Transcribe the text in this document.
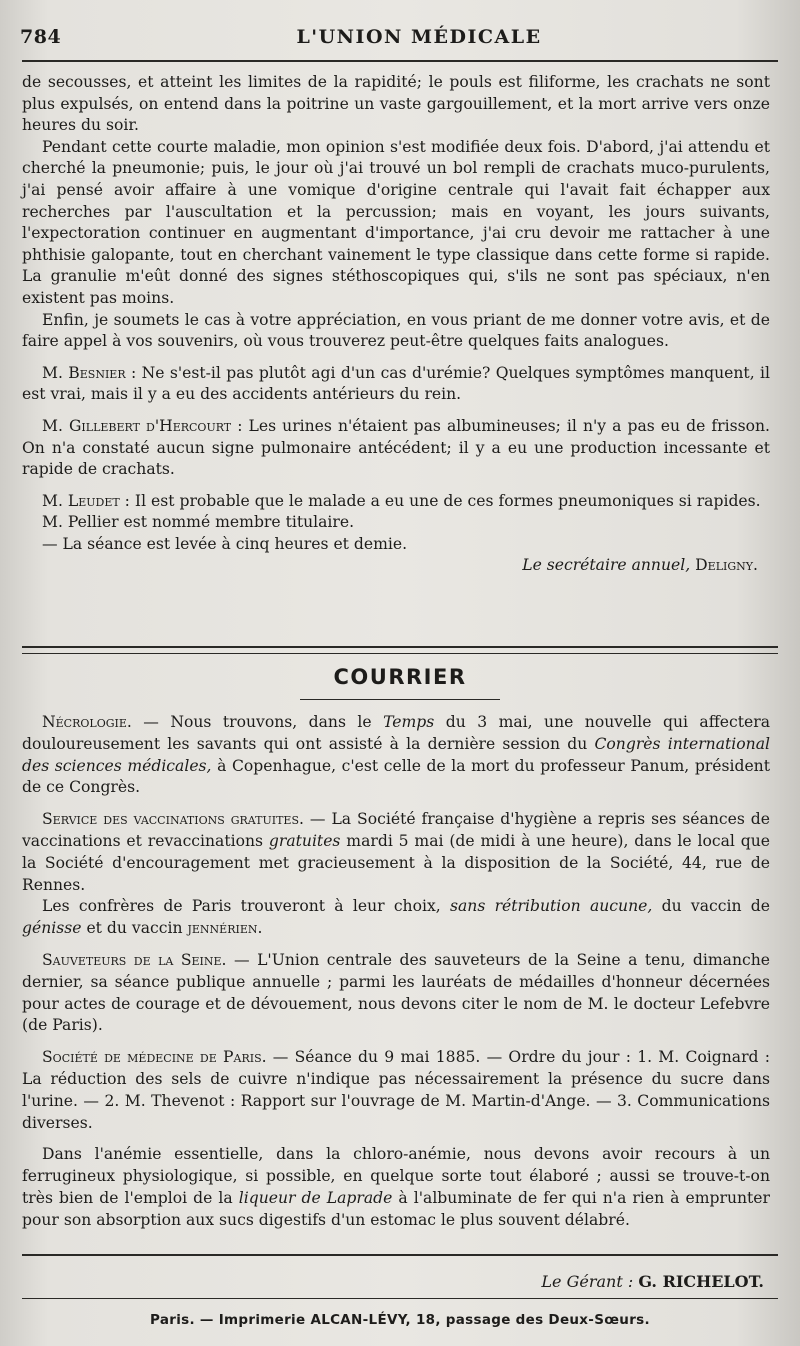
784	L'UNION MÉDICALE

de secousses, et atteint les limites de la rapidité; le pouls est filiforme, les crachats ne sont plus expulsés, on entend dans la poitrine un vaste gargouillement, et la mort arrive vers onze heures du soir.

Pendant cette courte maladie, mon opinion s'est modifiée deux fois. D'abord, j'ai attendu et cherché la pneumonie; puis, le jour où j'ai trouvé un bol rempli de crachats muco-purulents, j'ai pensé avoir affaire à une vomique d'origine centrale qui l'avait fait échapper aux recherches par l'auscultation et la percussion; mais en voyant, les jours suivants, l'expectoration continuer en augmentant d'importance, j'ai cru devoir me rattacher à une phthisie galopante, tout en cherchant vainement le type classique dans cette forme si rapide. La granulie m'eût donné des signes stéthoscopiques qui, s'ils ne sont pas spéciaux, n'en existent pas moins.

Enfin, je soumets le cas à votre appréciation, en vous priant de me donner votre avis, et de faire appel à vos souvenirs, où vous trouverez peut-être quelques faits analogues.

M. Besnier : Ne s'est-il pas plutôt agi d'un cas d'urémie? Quelques symptômes manquent, il est vrai, mais il y a eu des accidents antérieurs du rein.

M. Gillebert d'Hercourt : Les urines n'étaient pas albumineuses; il n'y a pas eu de frisson. On n'a constaté aucun signe pulmonaire antécédent; il y a eu une production incessante et rapide de crachats.

M. Leudet : Il est probable que le malade a eu une de ces formes pneumoniques si rapides.

M. Pellier est nommé membre titulaire.

— La séance est levée à cinq heures et demie.

Le secrétaire annuel, Deligny.

COURRIER

Nécrologie. — Nous trouvons, dans le Temps du 3 mai, une nouvelle qui affectera douloureusement les savants qui ont assisté à la dernière session du Congrès international des sciences médicales, à Copenhague, c'est celle de la mort du professeur Panum, président de ce Congrès.

Service des vaccinations gratuites. — La Société française d'hygiène a repris ses séances de vaccinations et revaccinations gratuites mardi 5 mai (de midi à une heure), dans le local que la Société d'encouragement met gracieusement à la disposition de la Société, 44, rue de Rennes.

Les confrères de Paris trouveront à leur choix, sans rétribution aucune, du vaccin de génisse et du vaccin jennérien.

Sauveteurs de la Seine. — L'Union centrale des sauveteurs de la Seine a tenu, dimanche dernier, sa séance publique annuelle ; parmi les lauréats de médailles d'honneur décernées pour actes de courage et de dévouement, nous devons citer le nom de M. le docteur Lefebvre (de Paris).

Société de médecine de Paris. — Séance du 9 mai 1885. — Ordre du jour : 1. M. Coignard : La réduction des sels de cuivre n'indique pas nécessairement la présence du sucre dans l'urine. — 2. M. Thevenot : Rapport sur l'ouvrage de M. Martin-d'Ange. — 3. Communications diverses.

Dans l'anémie essentielle, dans la chloro-anémie, nous devons avoir recours à un ferrugineux physiologique, si possible, en quelque sorte tout élaboré ; aussi se trouve-t-on très bien de l'emploi de la liqueur de Laprade à l'albuminate de fer qui n'a rien à emprunter pour son absorption aux sucs digestifs d'un estomac le plus souvent délabré.

Le Gérant : G. RICHELOT.
Paris. — Imprimerie ALCAN-LÉVY, 18, passage des Deux-Sœurs.
